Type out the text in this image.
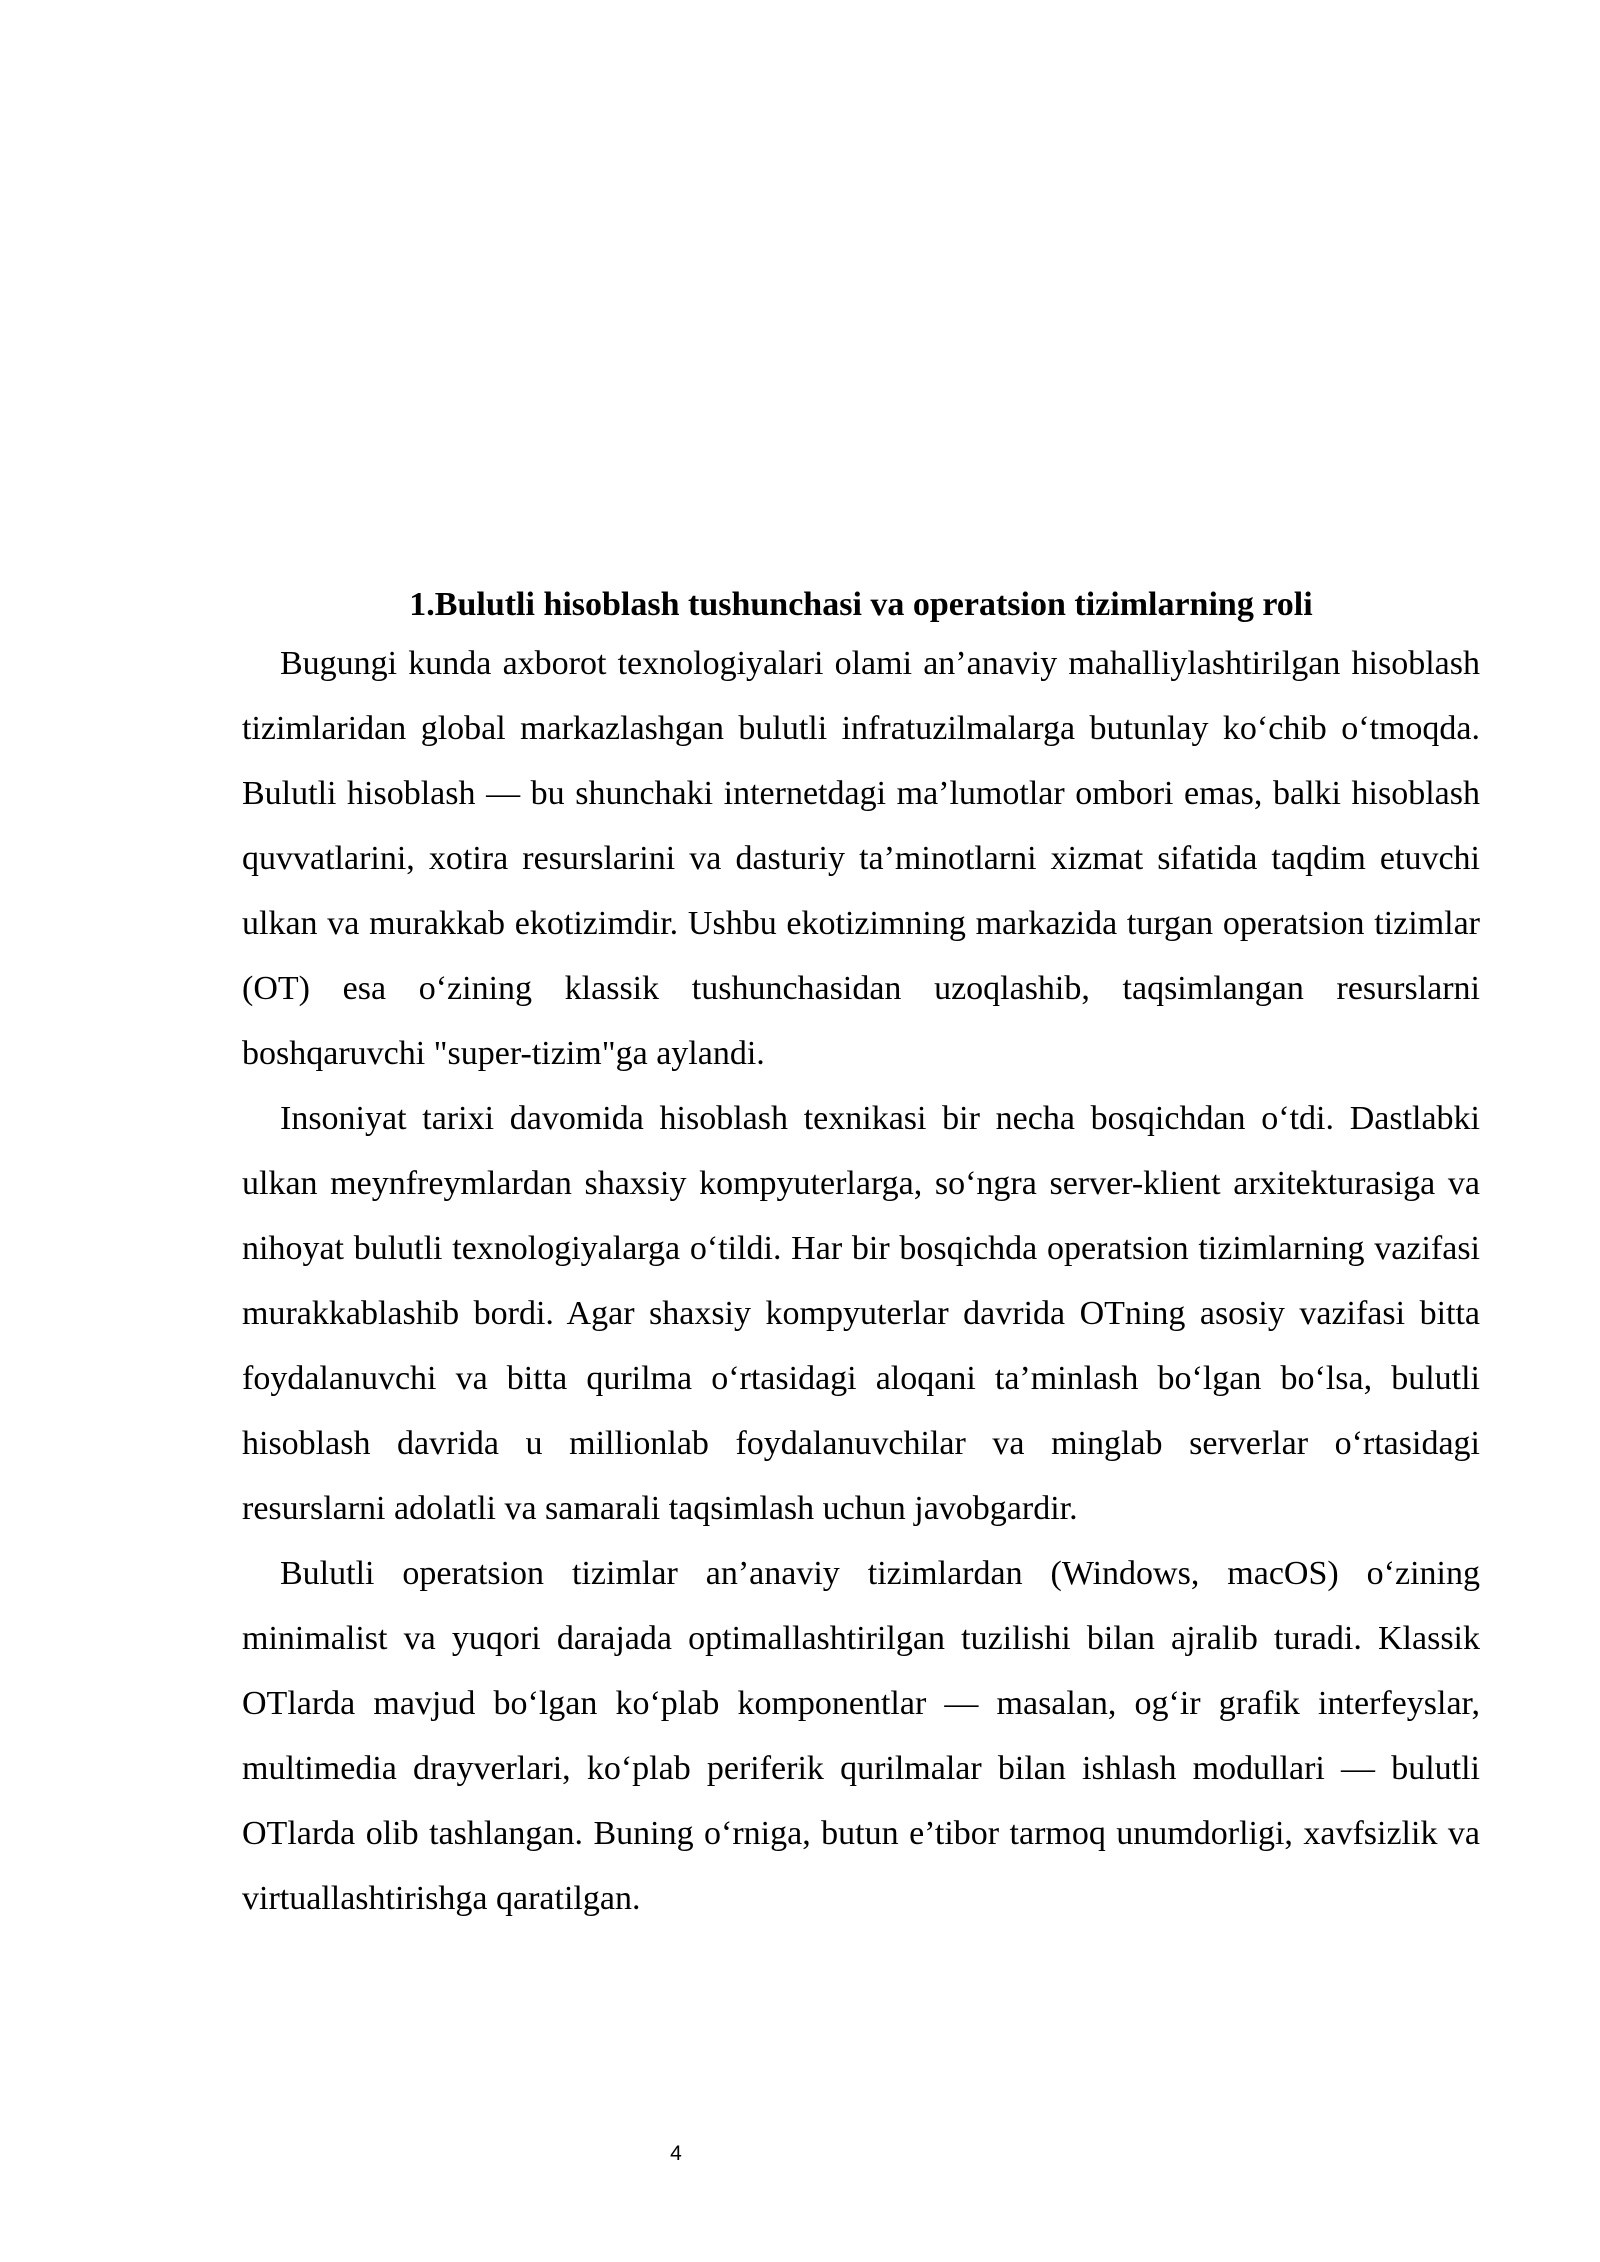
1.Bulutli hisoblash tushunchasi va operatsion tizimlarning roli

Bugungi kunda axborot texnologiyalari olami an’anaviy mahalliylashtirilgan hisoblash tizimlaridan global markazlashgan bulutli infratuzilmalarga butunlay ko‘chib o‘tmoqda. Bulutli hisoblash — bu shunchaki internetdagi ma’lumotlar ombori emas, balki hisoblash quvvatlarini, xotira resurslarini va dasturiy ta’minotlarni xizmat sifatida taqdim etuvchi ulkan va murakkab ekotizimdir. Ushbu ekotizimning markazida turgan operatsion tizimlar (OT) esa o‘zining klassik tushunchasidan uzoqlashib, taqsimlangan resurslarni boshqaruvchi "super-tizim"ga aylandi.

Insoniyat tarixi davomida hisoblash texnikasi bir necha bosqichdan o‘tdi. Dastlabki ulkan meynfreymlardan shaxsiy kompyuterlarga, so‘ngra server-klient arxitekturasiga va nihoyat bulutli texnologiyalarga o‘tildi. Har bir bosqichda operatsion tizimlarning vazifasi murakkablashib bordi. Agar shaxsiy kompyuterlar davrida OTning asosiy vazifasi bitta foydalanuvchi va bitta qurilma o‘rtasidagi aloqani ta’minlash bo‘lgan bo‘lsa, bulutli hisoblash davrida u millionlab foydalanuvchilar va minglab serverlar o‘rtasidagi resurslarni adolatli va samarali taqsimlash uchun javobgardir.

Bulutli operatsion tizimlar an’anaviy tizimlardan (Windows, macOS) o‘zining minimalist va yuqori darajada optimallashtirilgan tuzilishi bilan ajralib turadi. Klassik OTlarda mavjud bo‘lgan ko‘plab komponentlar — masalan, og‘ir grafik interfeyslar, multimedia drayverlari, ko‘plab periferik qurilmalar bilan ishlash modullari — bulutli OTlarda olib tashlangan. Buning o‘rniga, butun e’tibor tarmoq unumdorligi, xavfsizlik va virtuallashtirishga qaratilgan.

4
